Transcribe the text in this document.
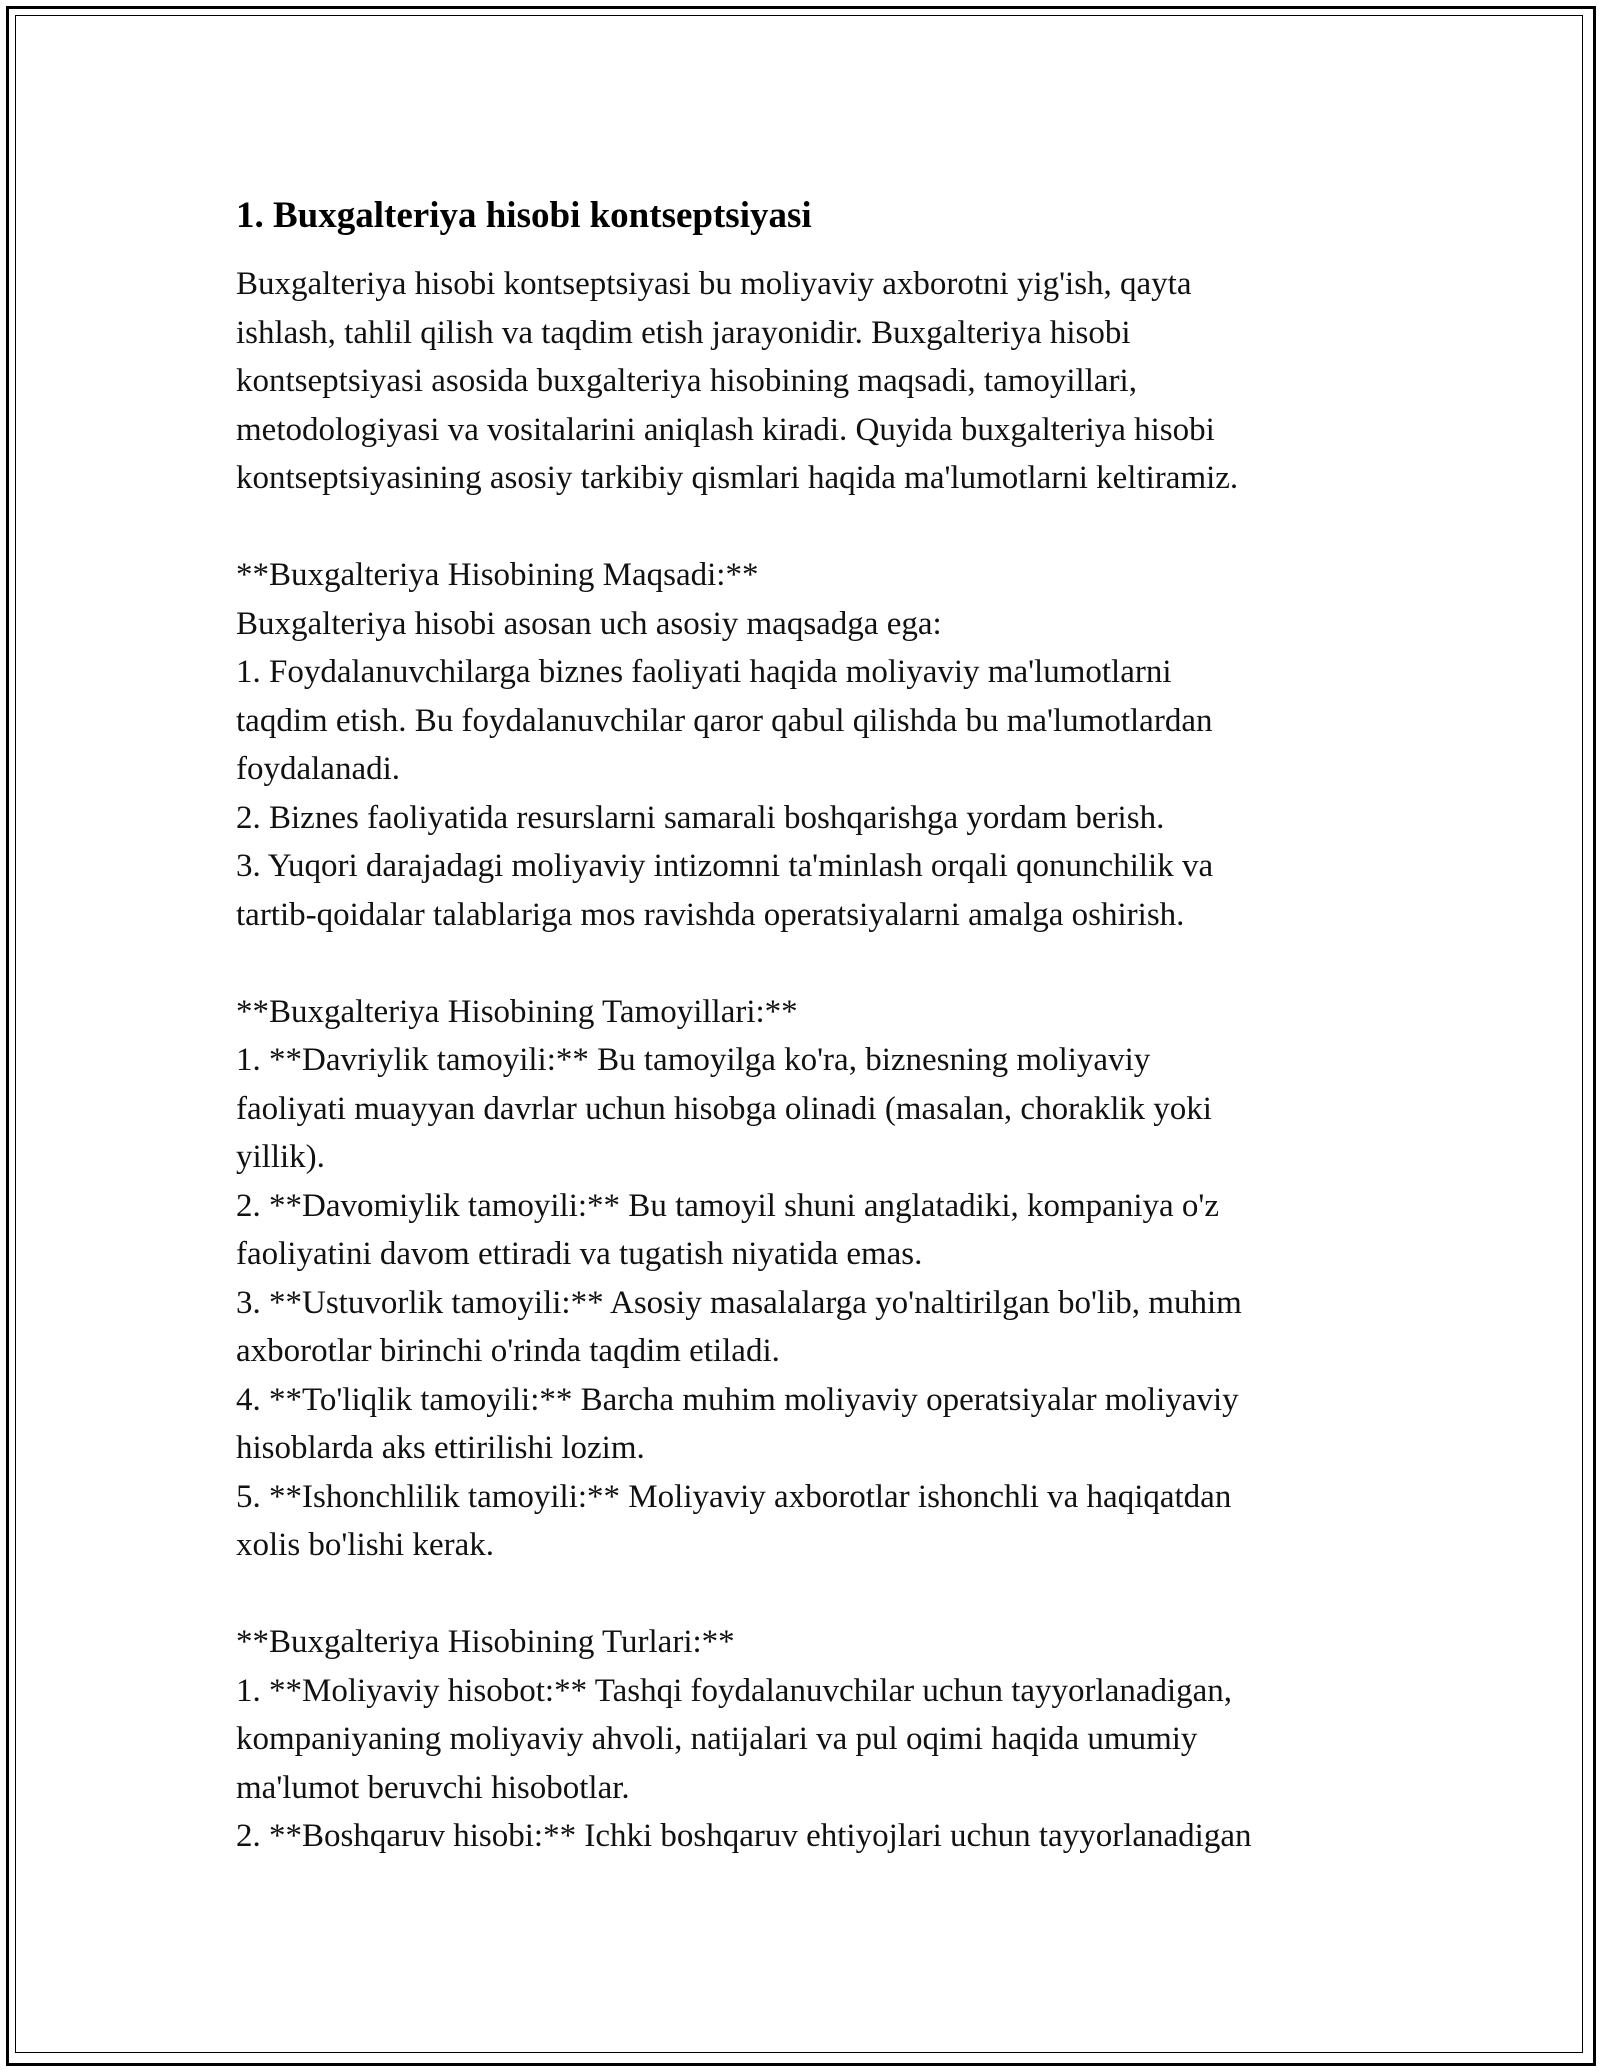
1. Buxgalteriya hisobi kontseptsiyasi
Buxgalteriya hisobi kontseptsiyasi bu moliyaviy axborotni yig'ish, qayta
ishlash, tahlil qilish va taqdim etish jarayonidir. Buxgalteriya hisobi
kontseptsiyasi asosida buxgalteriya hisobining maqsadi, tamoyillari,
metodologiyasi va vositalarini aniqlash kiradi. Quyida buxgalteriya hisobi
kontseptsiyasining asosiy tarkibiy qismlari haqida ma'lumotlarni keltiramiz.
**Buxgalteriya Hisobining Maqsadi:**
Buxgalteriya hisobi asosan uch asosiy maqsadga ega:
1. Foydalanuvchilarga biznes faoliyati haqida moliyaviy ma'lumotlarni
taqdim etish. Bu foydalanuvchilar qaror qabul qilishda bu ma'lumotlardan
foydalanadi.
2. Biznes faoliyatida resurslarni samarali boshqarishga yordam berish.
3. Yuqori darajadagi moliyaviy intizomni ta'minlash orqali qonunchilik va
tartib-qoidalar talablariga mos ravishda operatsiyalarni amalga oshirish.
**Buxgalteriya Hisobining Tamoyillari:**
1. **Davriylik tamoyili:** Bu tamoyilga ko'ra, biznesning moliyaviy
faoliyati muayyan davrlar uchun hisobga olinadi (masalan, choraklik yoki
yillik).
2. **Davomiylik tamoyili:** Bu tamoyil shuni anglatadiki, kompaniya o'z
faoliyatini davom ettiradi va tugatish niyatida emas.
3. **Ustuvorlik tamoyili:** Asosiy masalalarga yo'naltirilgan bo'lib, muhim
axborotlar birinchi o'rinda taqdim etiladi.
4. **To'liqlik tamoyili:** Barcha muhim moliyaviy operatsiyalar moliyaviy
hisoblarda aks ettirilishi lozim.
5. **Ishonchlilik tamoyili:** Moliyaviy axborotlar ishonchli va haqiqatdan
xolis bo'lishi kerak.
**Buxgalteriya Hisobining Turlari:**
1. **Moliyaviy hisobot:** Tashqi foydalanuvchilar uchun tayyorlanadigan,
kompaniyaning moliyaviy ahvoli, natijalari va pul oqimi haqida umumiy
ma'lumot beruvchi hisobotlar.
2. **Boshqaruv hisobi:** Ichki boshqaruv ehtiyojlari uchun tayyorlanadigan
